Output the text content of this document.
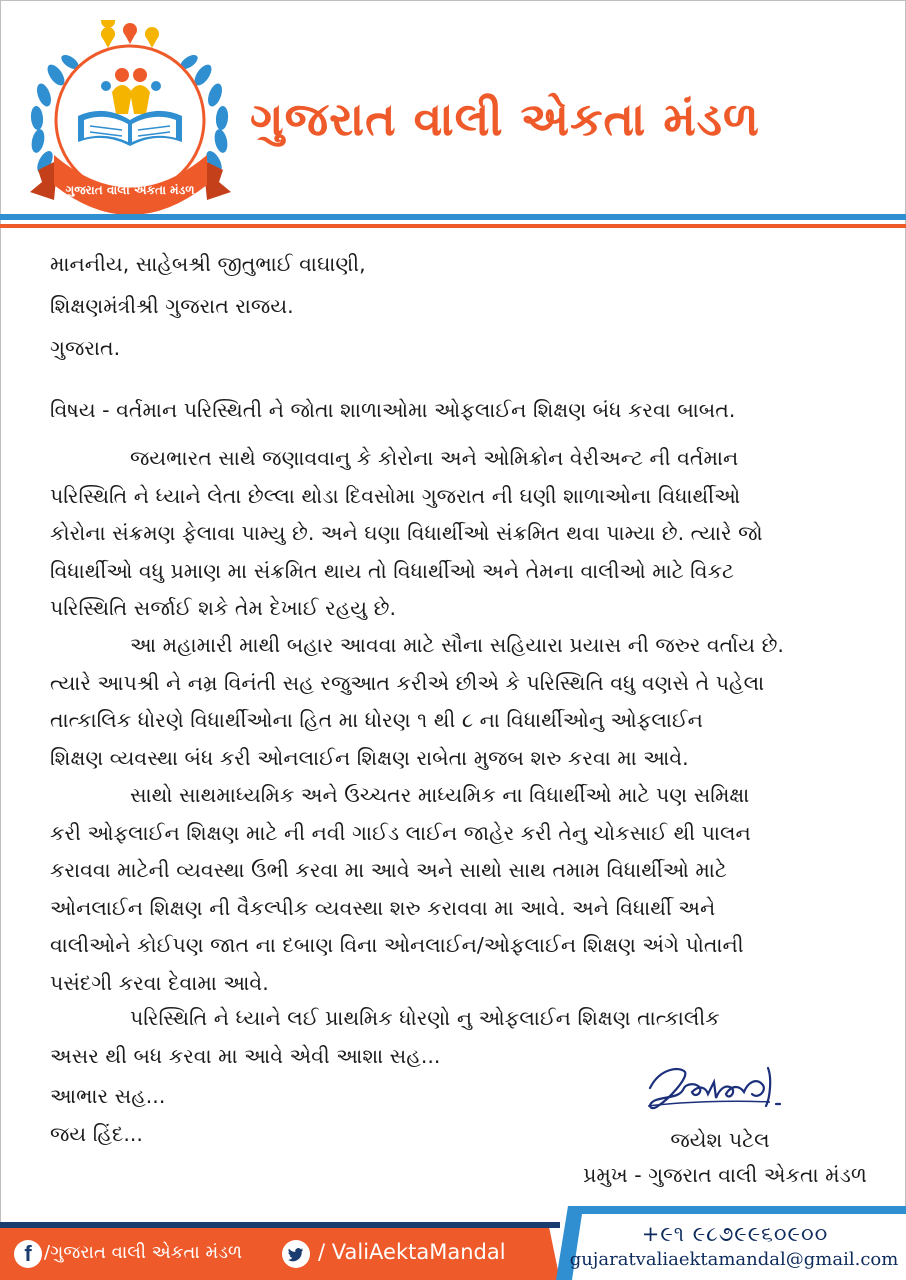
ગુજરાત વાલી એકતા મંડળ
ગુજરાત વાલી એકતા મંડળ
માનનીય, સાહેબશ્રી જીતુભાઈ વાઘાણી,
શિક્ષણમંત્રીશ્રી ગુજરાત રાજય.
ગુજરાત.
વિષય - વર્તમાન પરિસ્થિતી ને જોતા શાળાઓમા ઓફલાઈન શિક્ષણ બંધ કરવા બાબત.
જયભારત સાથે જણાવવાનુ કે કોરોના અને ઓમિક્રોન વેરીઅન્ટ ની વર્તમાન
પરિસ્થિતિ ને ધ્યાને લેતા છેલ્લા થોડા દિવસોમા ગુજરાત ની ઘણી શાળાઓના વિધાર્થીઓ
કોરોના સંક્રમણ ફેલાવા પામ્યુ છે. અને ઘણા વિધાર્થીઓ સંક્રમિત થવા પામ્યા છે. ત્યારે જો
વિધાર્થીઓ વધુ પ્રમાણ મા સંક્રમિત થાય તો વિધાર્થીઓ અને તેમના વાલીઓ માટે વિકટ
પરિસ્થિતિ સર્જાઈ શકે તેમ દેખાઈ રહયુ છે.
આ મહામારી માથી બહાર આવવા માટે સૌના સહિયારા પ્રયાસ ની જરુર વર્તાય છે.
ત્યારે આપશ્રી ને નમ્ર વિનંતી સહ રજુઆત કરીએ છીએ કે પરિસ્થિતિ વધુ વણસે તે પહેલા
તાત્કાલિક ધોરણે વિધાર્થીઓના હિત મા ધોરણ ૧ થી ૮ ના વિધાર્થીઓનુ ઓફલાઈન
શિક્ષણ વ્યવસ્થા બંધ કરી ઓનલાઈન શિક્ષણ રાબેતા મુજબ શરુ કરવા મા આવે.
સાથો સાથમાધ્યમિક અને ઉચ્ચતર માધ્યમિક ના વિધાર્થીઓ માટે પણ સમિક્ષા
કરી ઓફલાઈન શિક્ષણ માટે ની નવી ગાઈડ લાઈન જાહેર કરી તેનુ ચોકસાઈ થી પાલન
કરાવવા માટેની વ્યવસ્થા ઉભી કરવા મા આવે અને સાથો સાથ તમામ વિધાર્થીઓ માટે
ઓનલાઈન શિક્ષણ ની વૈકલ્પીક વ્યવસ્થા શરુ કરાવવા મા આવે. અને વિધાર્થી અને
વાલીઓને કોઈપણ જાત ના દબાણ વિના ઓનલાઈન/ઓફલાઈન શિક્ષણ અંગે પોતાની
પસંદગી કરવા દેવામા આવે.
પરિસ્થિતિ ને ધ્યાને લઈ પ્રાથમિક ધોરણો નુ ઓફલાઈન શિક્ષણ તાત્કાલીક
અસર થી બધ કરવા મા આવે એવી આશા સહ...
આભાર સહ...
જય હિંદ...	જયેશ પટેલ
પ્રમુખ - ગુજરાત વાલી એકતા મંડળ
f /ગુજરાત વાલી એકતા મંડળ	/ ValiAektaMandal
+૯૧ ૯૮૭૯૯૬૦૯૦૦
gujaratvaliaektamandal@gmail.com
